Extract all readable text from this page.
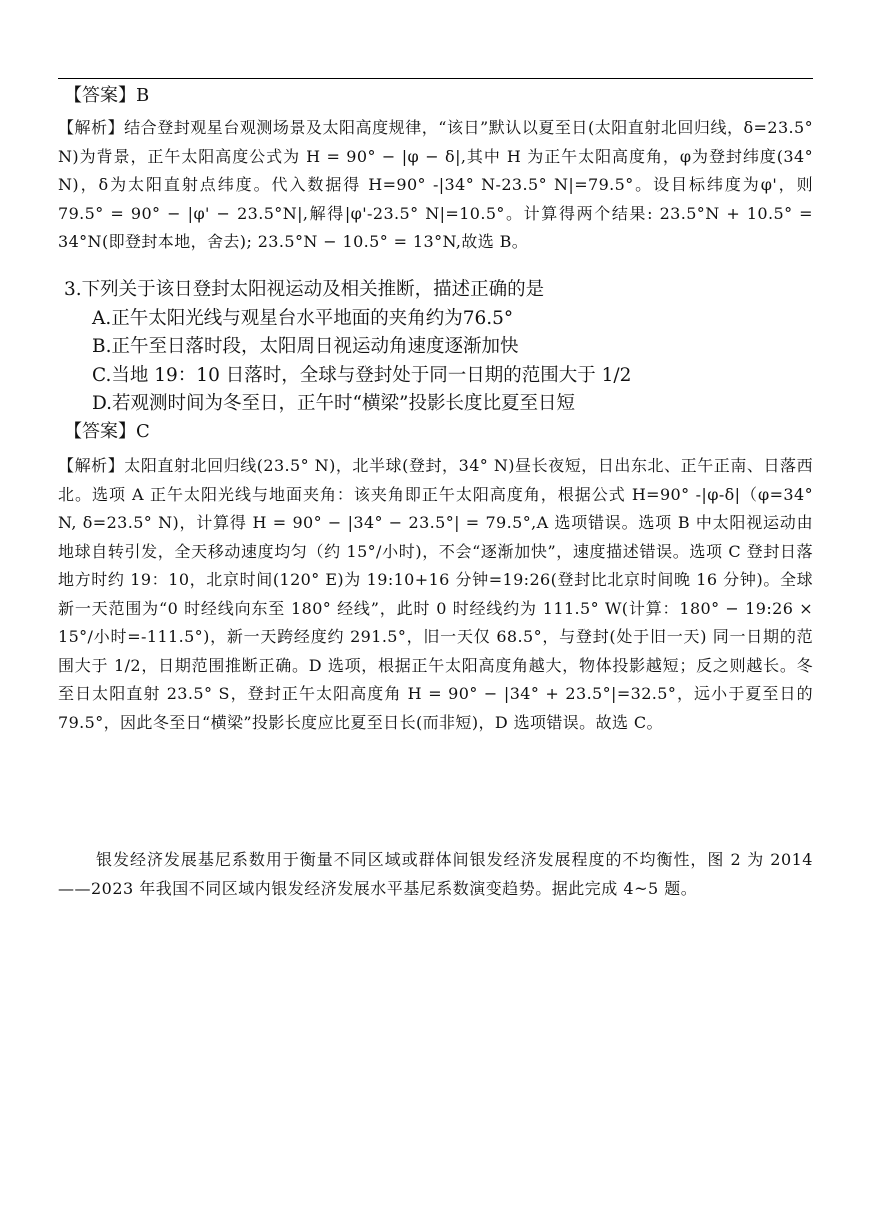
【答案】B

【解析】结合登封观星台观测场景及太阳高度规律，“该日”默认以夏至日(太阳直射北回归线，δ=23.5° N)为背景，正午太阳高度公式为 H = 90° − |φ − δ|,其中 H 为正午太阳高度角，φ为登封纬度(34° N)，δ为太阳直射点纬度。代入数据得 H=90° -|34° N-23.5° N|=79.5°。设目标纬度为φ'，则 79.5° = 90° − |φ' − 23.5°N|,解得|φ'-23.5° N|=10.5°。计算得两个结果: 23.5°N + 10.5° = 34°N(即登封本地，舍去); 23.5°N − 10.5° = 13°N,故选 B。

3.下列关于该日登封太阳视运动及相关推断，描述正确的是

A.正午太阳光线与观星台水平地面的夹角约为76.5°

B.正午至日落时段，太阳周日视运动角速度逐渐加快

C.当地 19：10 日落时，全球与登封处于同一日期的范围大于 1/2

D.若观测时间为冬至日，正午时“横梁”投影长度比夏至日短

【答案】C

【解析】太阳直射北回归线(23.5° N)，北半球(登封，34° N)昼长夜短，日出东北、正午正南、日落西北。选项 A 正午太阳光线与地面夹角：该夹角即正午太阳高度角，根据公式 H=90° -|φ-δ|（φ=34° N, δ=23.5° N)，计算得 H = 90° − |34° − 23.5°| = 79.5°,A 选项错误。选项 B 中太阳视运动由地球自转引发，全天移动速度均匀（约 15°/小时)，不会“逐渐加快”，速度描述错误。选项 C 登封日落地方时约 19：10，北京时间(120° E)为 19:10+16 分钟=19:26(登封比北京时间晚 16 分钟)。全球新一天范围为“0 时经线向东至 180° 经线”，此时 0 时经线约为 111.5° W(计算：180° − 19:26 × 15°/小时=-111.5°)，新一天跨经度约 291.5°，旧一天仅 68.5°，与登封(处于旧一天) 同一日期的范围大于 1/2，日期范围推断正确。D 选项，根据正午太阳高度角越大，物体投影越短；反之则越长。冬至日太阳直射 23.5° S，登封正午太阳高度角 H = 90° − |34° + 23.5°|=32.5°，远小于夏至日的 79.5°，因此冬至日“横梁”投影长度应比夏至日长(而非短)，D 选项错误。故选 C。

银发经济发展基尼系数用于衡量不同区域或群体间银发经济发展程度的不均衡性，图 2 为 2014——2023 年我国不同区域内银发经济发展水平基尼系数演变趋势。据此完成 4~5 题。
